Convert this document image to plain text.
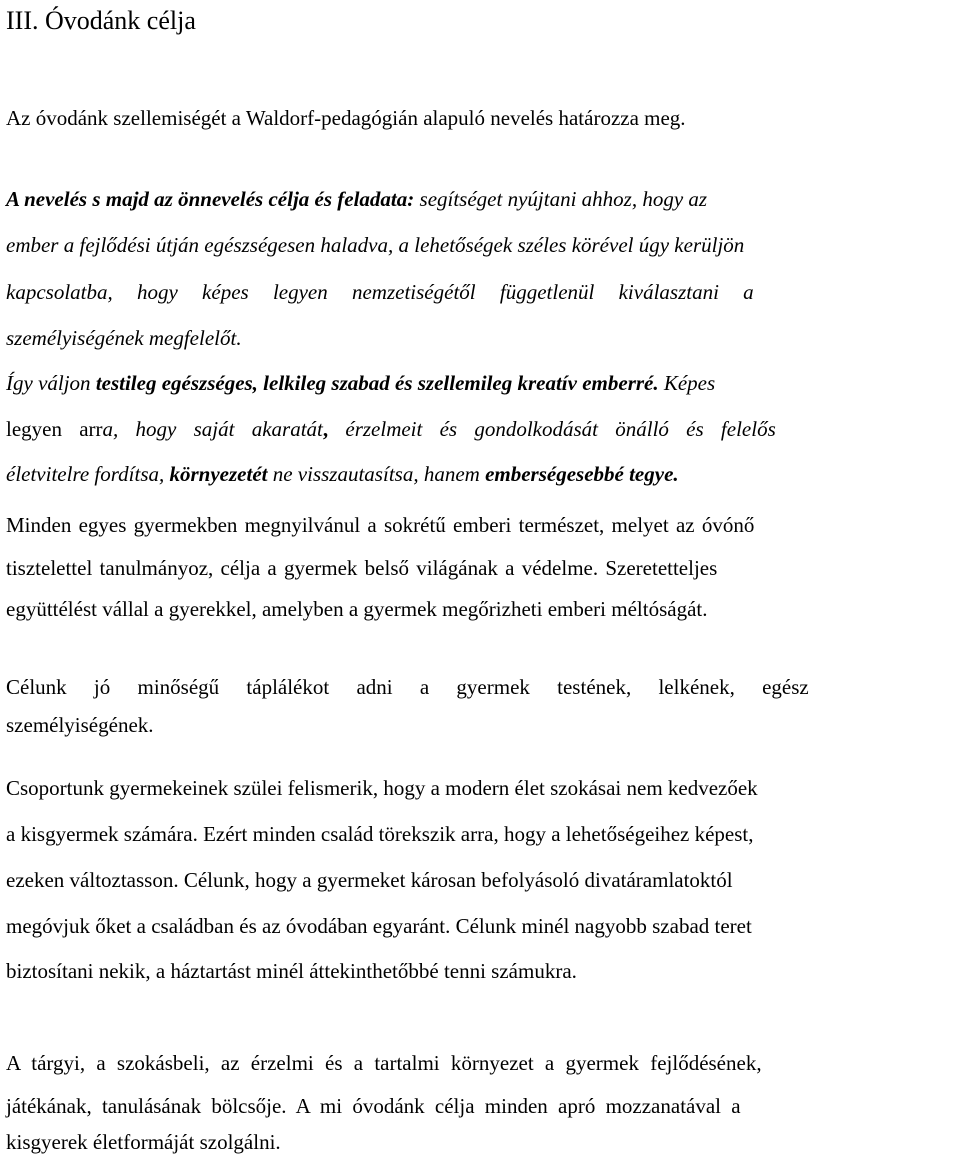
III. Óvodánk célja
Az óvodánk szellemiségét a Waldorf-pedagógián alapuló nevelés határozza meg.
A nevelés s majd az önnevelés célja és feladata: segítséget nyújtani ahhoz, hogy az
ember a fejlődési útján egészségesen haladva, a lehetőségek széles körével úgy kerüljön
kapcsolatba, hogy képes legyen nemzetiségétől függetlenül kiválasztani a
személyiségének megfelelőt.
Így váljon testileg egészséges, lelkileg szabad és szellemileg kreatív emberré. Képes
legyen arra, hogy saját akaratát, érzelmeit és gondolkodását önálló és felelős
életvitelre fordítsa, környezetét ne visszautasítsa, hanem emberségesebbé tegye.
Minden egyes gyermekben megnyilvánul a sokrétű emberi természet, melyet az óvónő
tisztelettel tanulmányoz, célja a gyermek belső világának a védelme. Szeretetteljes
együttélést vállal a gyerekkel, amelyben a gyermek megőrizheti emberi méltóságát.
Célunk jó minőségű táplálékot adni a gyermek testének, lelkének, egész
személyiségének.
Csoportunk gyermekeinek szülei felismerik, hogy a modern élet szokásai nem kedvezőek
a kisgyermek számára. Ezért minden család törekszik arra, hogy a lehetőségeihez képest,
ezeken változtasson. Célunk, hogy a gyermeket károsan befolyásoló divatáramlatoktól
megóvjuk őket a családban és az óvodában egyaránt. Célunk minél nagyobb szabad teret
biztosítani nekik, a háztartást minél áttekinthetőbbé tenni számukra.
A tárgyi, a szokásbeli, az érzelmi és a tartalmi környezet a gyermek fejlődésének,
játékának, tanulásának bölcsője. A mi óvodánk célja minden apró mozzanatával a
kisgyerek életformáját szolgálni.
